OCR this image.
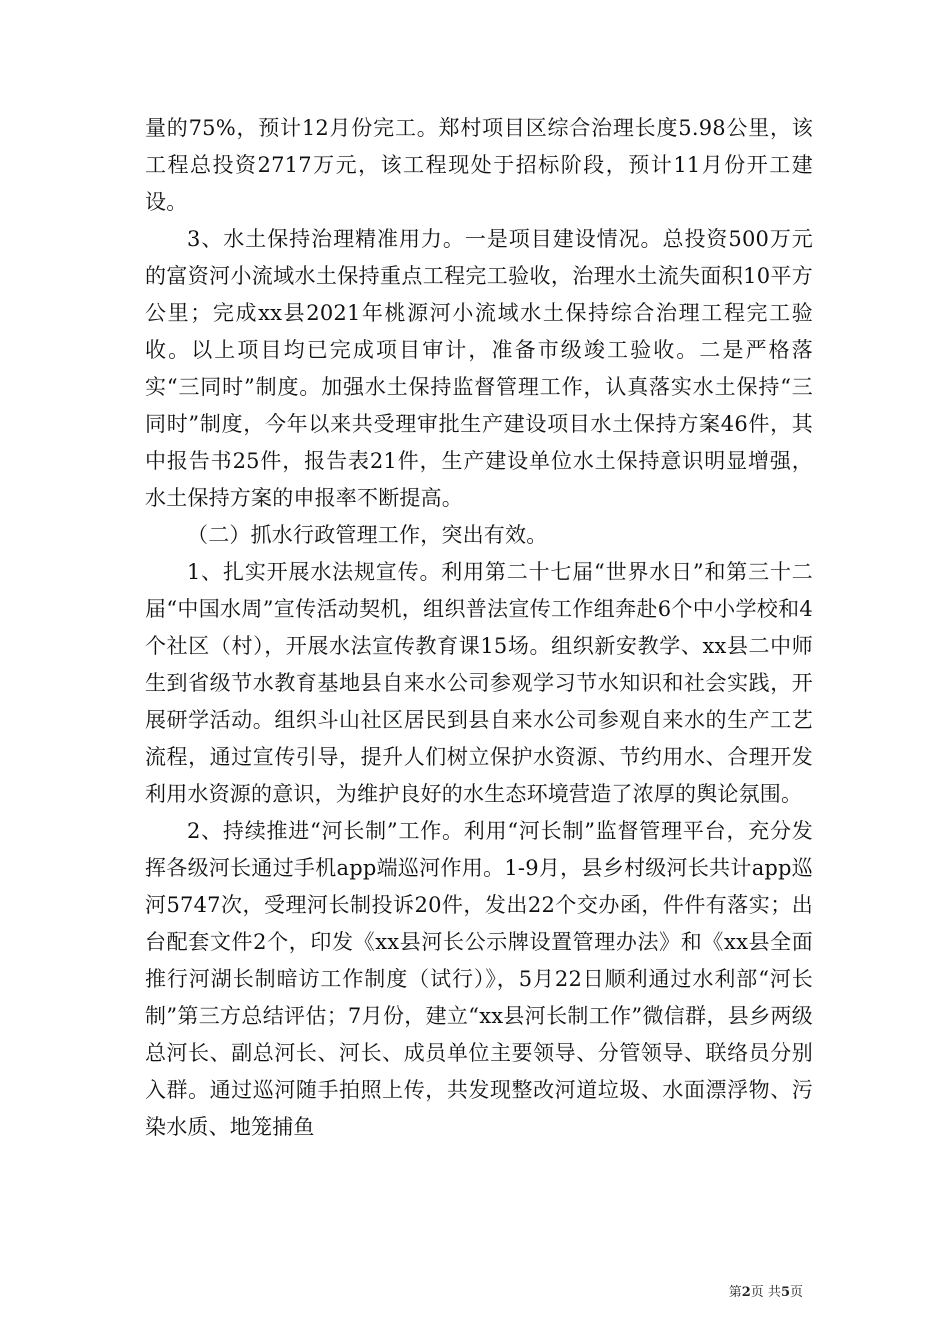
量的75%，预计12月份完工。郑村项目区综合治理长度5.98公里，该工程总投资2717万元，该工程现处于招标阶段，预计11月份开工建设。

3、水土保持治理精准用力。一是项目建设情况。总投资500万元的富资河小流域水土保持重点工程完工验收，治理水土流失面积10平方公里；完成xx县2021年桃源河小流域水土保持综合治理工程完工验收。以上项目均已完成项目审计，准备市级竣工验收。二是严格落实“三同时”制度。加强水土保持监督管理工作，认真落实水土保持“三同时”制度，今年以来共受理审批生产建设项目水土保持方案46件，其中报告书25件，报告表21件，生产建设单位水土保持意识明显增强，水土保持方案的申报率不断提高。

（二）抓水行政管理工作，突出有效。

1、扎实开展水法规宣传。利用第二十七届“世界水日”和第三十二届“中国水周”宣传活动契机，组织普法宣传工作组奔赴6个中小学校和4个社区（村），开展水法宣传教育课15场。组织新安教学、xx县二中师生到省级节水教育基地县自来水公司参观学习节水知识和社会实践，开展研学活动。组织斗山社区居民到县自来水公司参观自来水的生产工艺流程，通过宣传引导，提升人们树立保护水资源、节约用水、合理开发利用水资源的意识，为维护良好的水生态环境营造了浓厚的舆论氛围。

2、持续推进“河长制”工作。利用“河长制”监督管理平台，充分发挥各级河长通过手机app端巡河作用。1-9月，县乡村级河长共计app巡河5747次，受理河长制投诉20件，发出22个交办函，件件有落实；出台配套文件2个，印发《xx县河长公示牌设置管理办法》和《xx县全面推行河湖长制暗访工作制度（试行）》，5月22日顺利通过水利部“河长制”第三方总结评估；7月份，建立“xx县河长制工作”微信群，县乡两级总河长、副总河长、河长、成员单位主要领导、分管领导、联络员分别入群。通过巡河随手拍照上传，共发现整改河道垃圾、水面漂浮物、污染水质、地笼捕鱼

第2页 共5页
